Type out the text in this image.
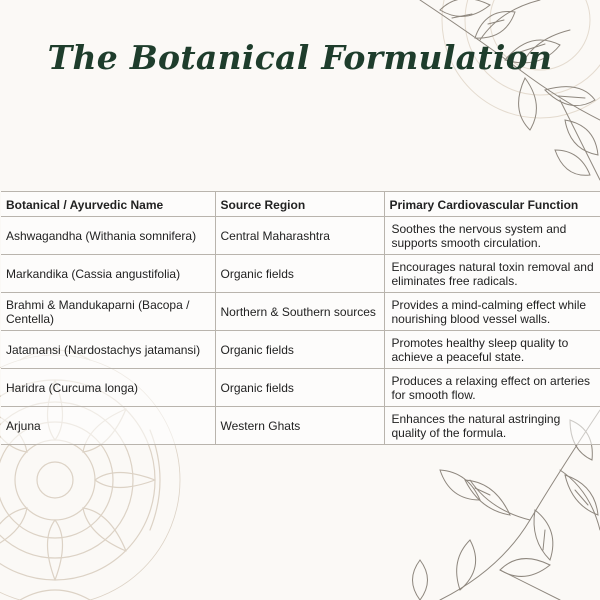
The Botanical Formulation
Botanical / Ayurvedic Name	Source Region	Primary Cardiovascular Function
Ashwagandha (Withania somnifera)	Central Maharashtra	Soothes the nervous system and supports smooth circulation.
Markandika (Cassia angustifolia)	Organic fields	Encourages natural toxin removal and eliminates free radicals.
Brahmi & Mandukaparni (Bacopa / Centella)	Northern & Southern sources	Provides a mind-calming effect while nourishing blood vessel walls.
Jatamansi (Nardostachys jatamansi)	Organic fields	Promotes healthy sleep quality to achieve a peaceful state.
Haridra (Curcuma longa)	Organic fields	Produces a relaxing effect on arteries for smooth flow.
Arjuna	Western Ghats	Enhances the natural astringing quality of the formula.
